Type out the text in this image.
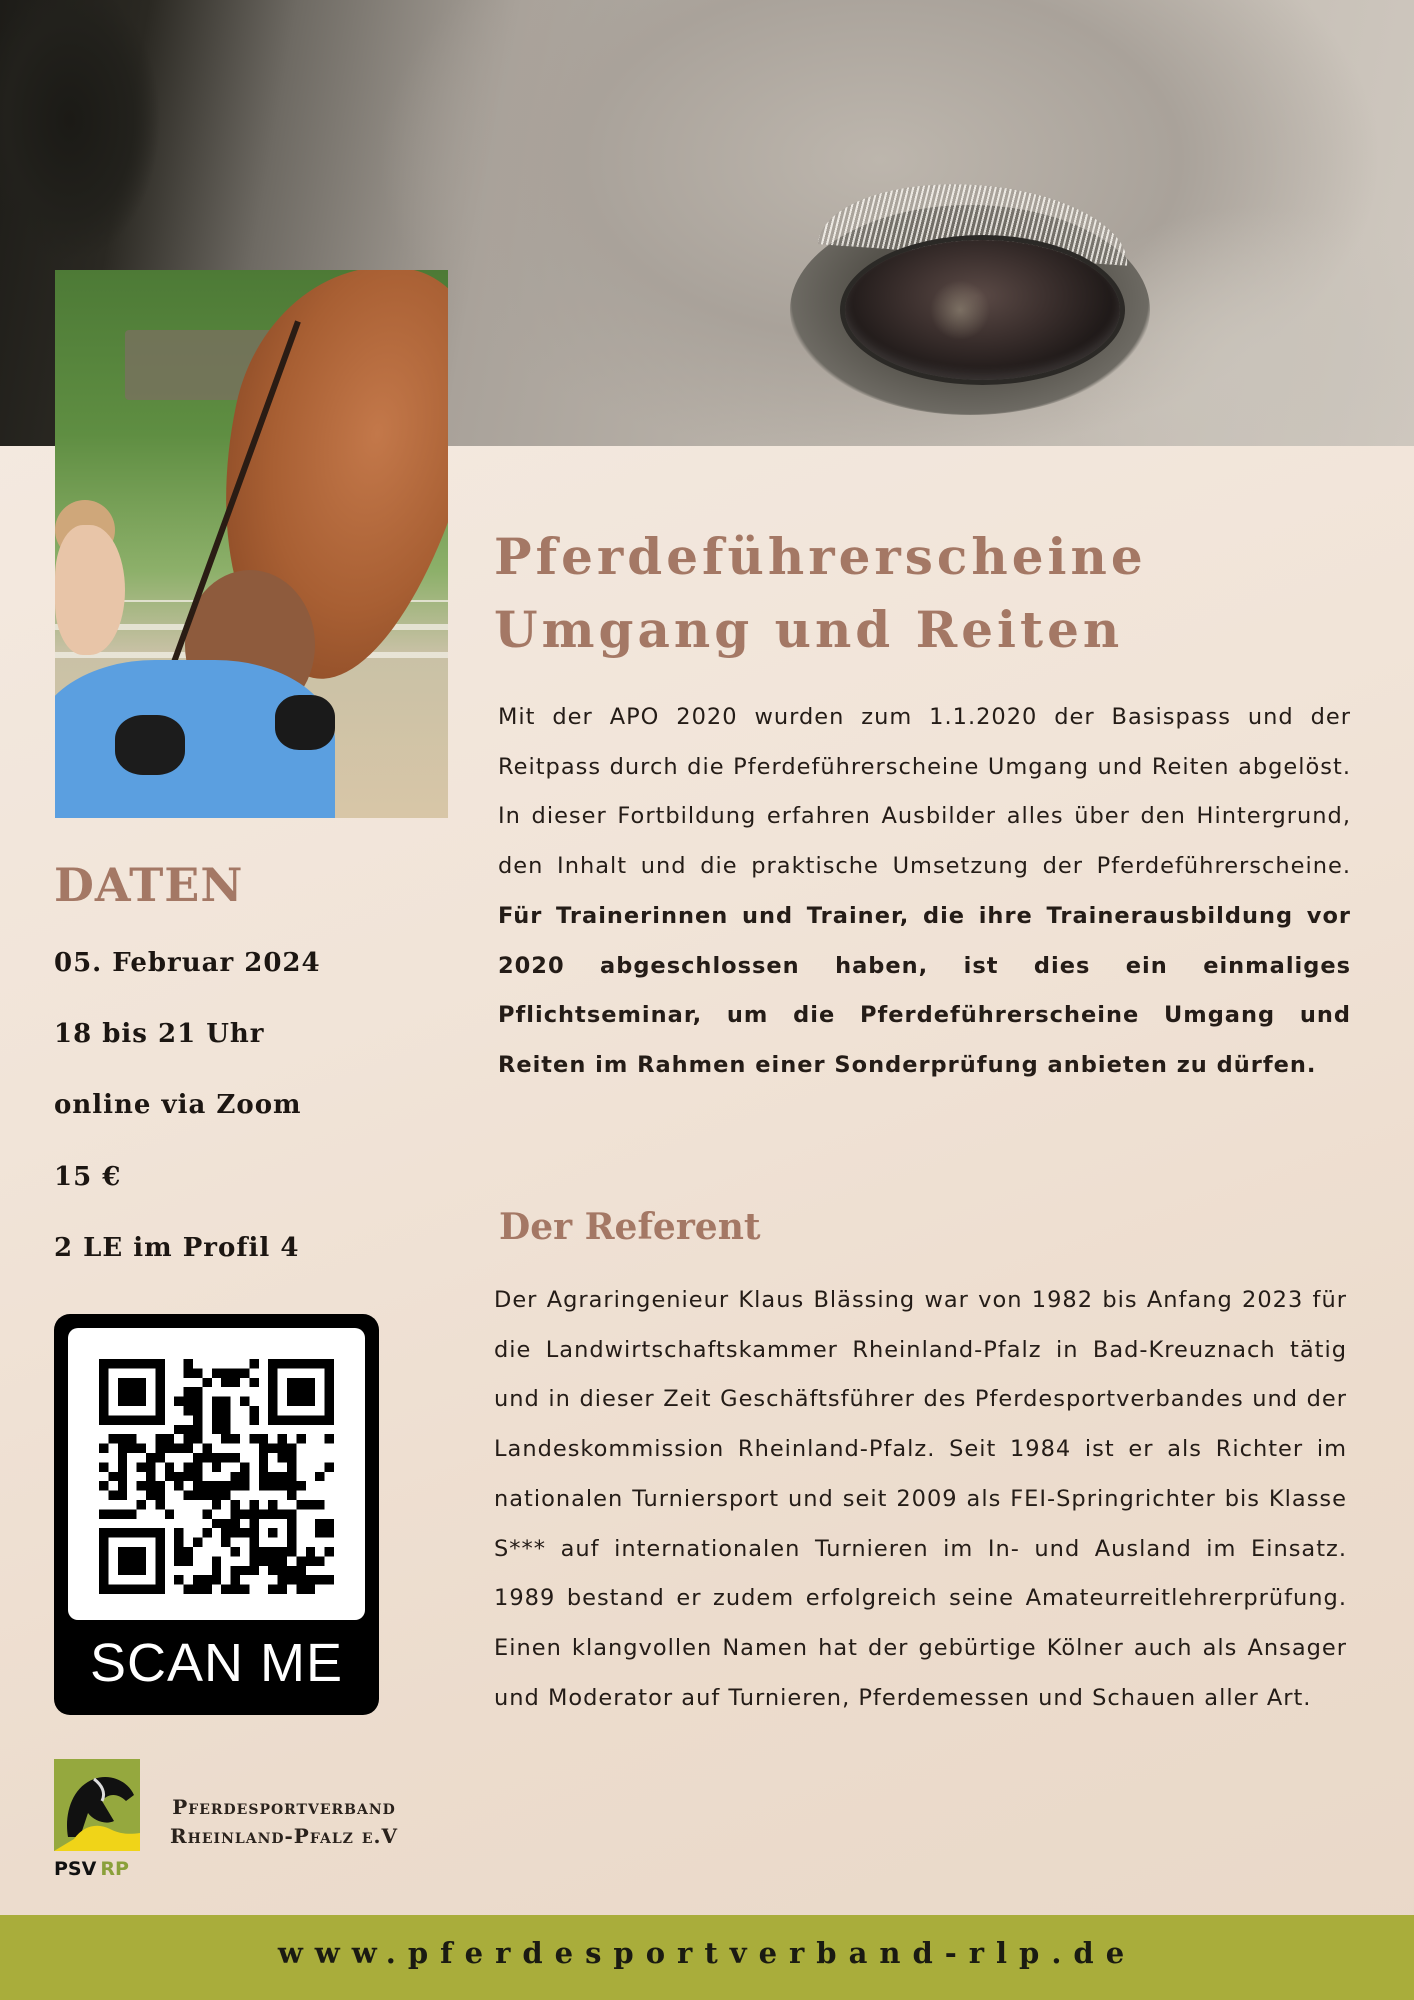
Pferdeführerscheine
Umgang und Reiten

Mit der APO 2020 wurden zum 1.1.2020 der Basispass und der Reitpass durch die Pferdeführerscheine Umgang und Reiten abgelöst. In dieser Fortbildung erfahren Ausbilder alles über den Hintergrund, den Inhalt und die praktische Umsetzung der Pferdeführerscheine. Für Trainerinnen und Trainer, die ihre Trainerausbildung vor 2020 abgeschlossen haben, ist dies ein einmaliges Pflichtseminar, um die Pferdeführerscheine Umgang und Reiten im Rahmen einer Sonderprüfung anbieten zu dürfen.

Der Referent

Der Agraringenieur Klaus Blässing war von 1982 bis Anfang 2023 für die Landwirtschaftskammer Rheinland-Pfalz in Bad-Kreuznach tätig und in dieser Zeit Geschäftsführer des Pferdesportverbandes und der Landeskommission Rheinland-Pfalz. Seit 1984 ist er als Richter im nationalen Turniersport und seit 2009 als FEI-Springrichter bis Klasse S*** auf internationalen Turnieren im In- und Ausland im Einsatz. 1989 bestand er zudem erfolgreich seine Amateurreitlehrerprüfung. Einen klangvollen Namen hat der gebürtige Kölner auch als Ansager und Moderator auf Turnieren, Pferdemessen und Schauen aller Art.

DATEN

05. Februar 2024

18 bis 21 Uhr

online via Zoom

15 €

2 LE im Profil 4

SCAN ME

PSV RP

Pferdesportverband
Rheinland-Pfalz e.V

www.pferdesportverband-rlp.de
